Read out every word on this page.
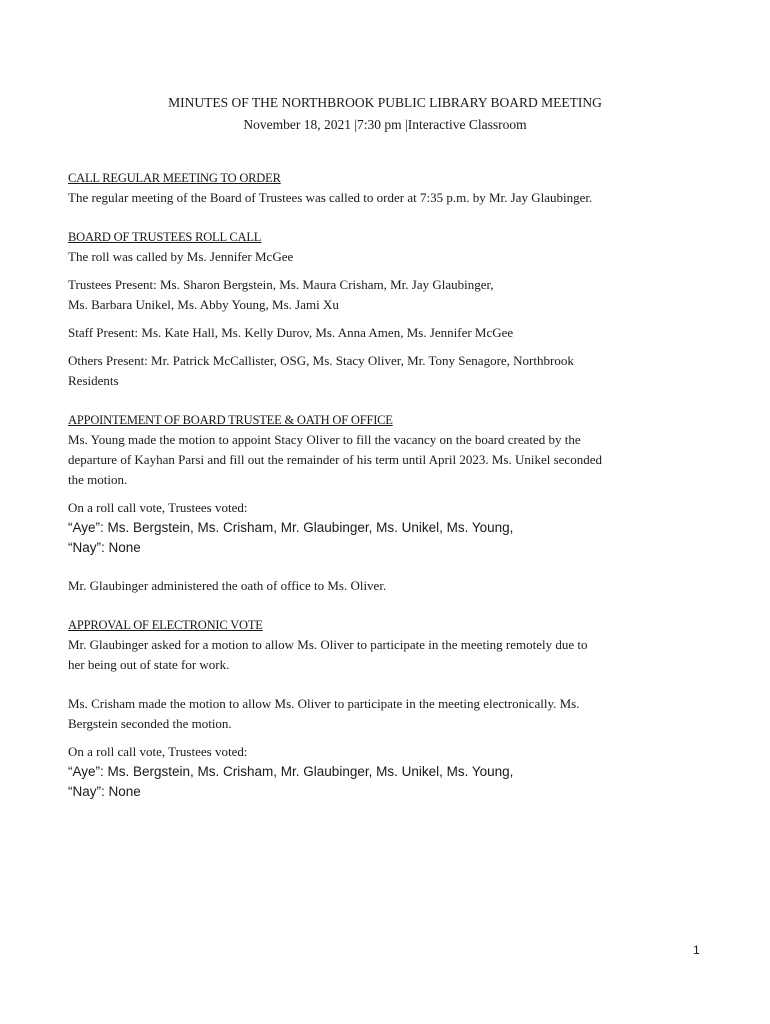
MINUTES OF THE NORTHBROOK PUBLIC LIBRARY BOARD MEETING
November 18, 2021 |7:30 pm |Interactive Classroom

CALL REGULAR MEETING TO ORDER

The regular meeting of the Board of Trustees was called to order at 7:35 p.m. by Mr. Jay Glaubinger.

BOARD OF TRUSTEES ROLL CALL

The roll was called by Ms. Jennifer McGee

Trustees Present: Ms. Sharon Bergstein, Ms. Maura Crisham, Mr. Jay Glaubinger,

Ms. Barbara Unikel, Ms. Abby Young, Ms. Jami Xu

Staff Present: Ms. Kate Hall, Ms. Kelly Durov, Ms. Anna Amen, Ms. Jennifer McGee

Others Present: Mr. Patrick McCallister, OSG, Ms. Stacy Oliver, Mr. Tony Senagore, Northbrook

Residents

APPOINTEMENT OF BOARD TRUSTEE & OATH OF OFFICE

Ms. Young made the motion to appoint Stacy Oliver to fill the vacancy on the board created by the

departure of Kayhan Parsi and fill out the remainder of his term until April 2023. Ms. Unikel seconded

the motion.

On a roll call vote, Trustees voted:

“Aye”: Ms. Bergstein, Ms. Crisham, Mr. Glaubinger, Ms. Unikel, Ms. Young,

“Nay”: None

Mr. Glaubinger administered the oath of office to Ms. Oliver.

APPROVAL OF ELECTRONIC VOTE

Mr. Glaubinger asked for a motion to allow Ms. Oliver to participate in the meeting remotely due to

her being out of state for work.

Ms. Crisham made the motion to allow Ms. Oliver to participate in the meeting electronically. Ms.

Bergstein seconded the motion.

On a roll call vote, Trustees voted:

“Aye”: Ms. Bergstein, Ms. Crisham, Mr. Glaubinger, Ms. Unikel, Ms. Young,

“Nay”: None

1
